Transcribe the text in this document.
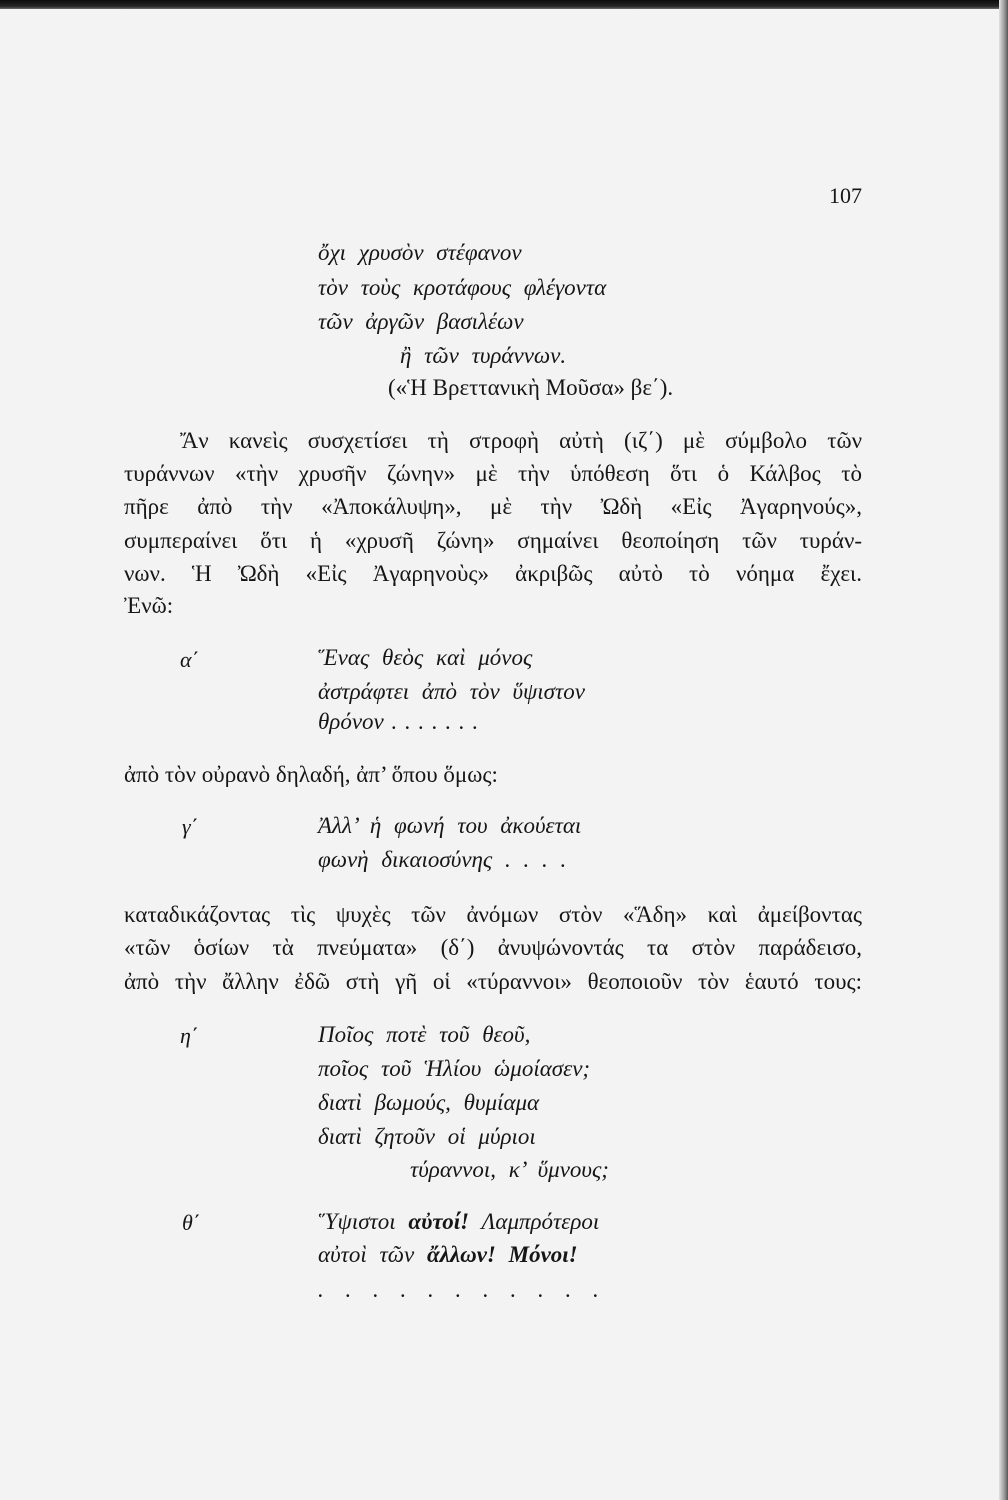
107
ὄχι χρυσὸν στέφανον
τὸν τοὺς κροτάφους φλέγοντα
τῶν ἀργῶν βασιλέων
ἢ τῶν τυράννων.
(«Ἡ Βρεττανικὴ Μοῦσα» βε΄).
Ἄν κανεὶς συσχετίσει τὴ στροφὴ αὐτὴ (ιζ΄) μὲ σύμβολο τῶν
τυράννων «τὴν χρυσῆν ζώνην» μὲ τὴν ὑπόθεση ὅτι ὁ Κάλβος τὸ
πῆρε ἀπὸ τὴν «Ἀποκάλυψη», μὲ τὴν Ὠδὴ «Εἰς Ἀγαρηνούς»,
συμπεραίνει ὅτι ἡ «χρυσῆ ζώνη» σημαίνει θεοποίηση τῶν τυράν-
νων. Ἡ Ὠδὴ «Εἰς Ἀγαρηνοὺς» ἀκριβῶς αὐτὸ τὸ νόημα ἔχει.
Ἐνῶ:
α΄	Ἕνας θεὸς καὶ μόνος
ἀστράφτει ἀπὸ τὸν ὕψιστον
θρόνον . . . . . . .
ἀπὸ τὸν οὐρανὸ δηλαδή, ἀπ’ ὅπου ὅμως:
γ΄	Ἀλλ’ ἡ φωνή του ἀκούεται
φωνὴ δικαιοσύνης . . . .
καταδικάζοντας τὶς ψυχὲς τῶν ἀνόμων στὸν «Ἅδη» καὶ ἀμείβοντας
«τῶν ὁσίων τὰ πνεύματα» (δ΄) ἀνυψώνοντάς τα στὸν παράδεισο,
ἀπὸ τὴν ἄλλην ἐδῶ στὴ γῆ οἱ «τύραννοι» θεοποιοῦν τὸν ἑαυτό τους:
η΄	Ποῖος ποτὲ τοῦ θεοῦ,
ποῖος τοῦ Ἡλίου ὡμοίασεν;
διατὶ βωμούς, θυμίαμα
διατὶ ζητοῦν οἱ μύριοι
τύραννοι, κ’ ὕμνους;
θ΄	Ὕψιστοι αὐτοί! Λαμπρότεροι
αὐτοὶ τῶν ἄλλων! Μόνοι!
. . . . . . . . . . .
